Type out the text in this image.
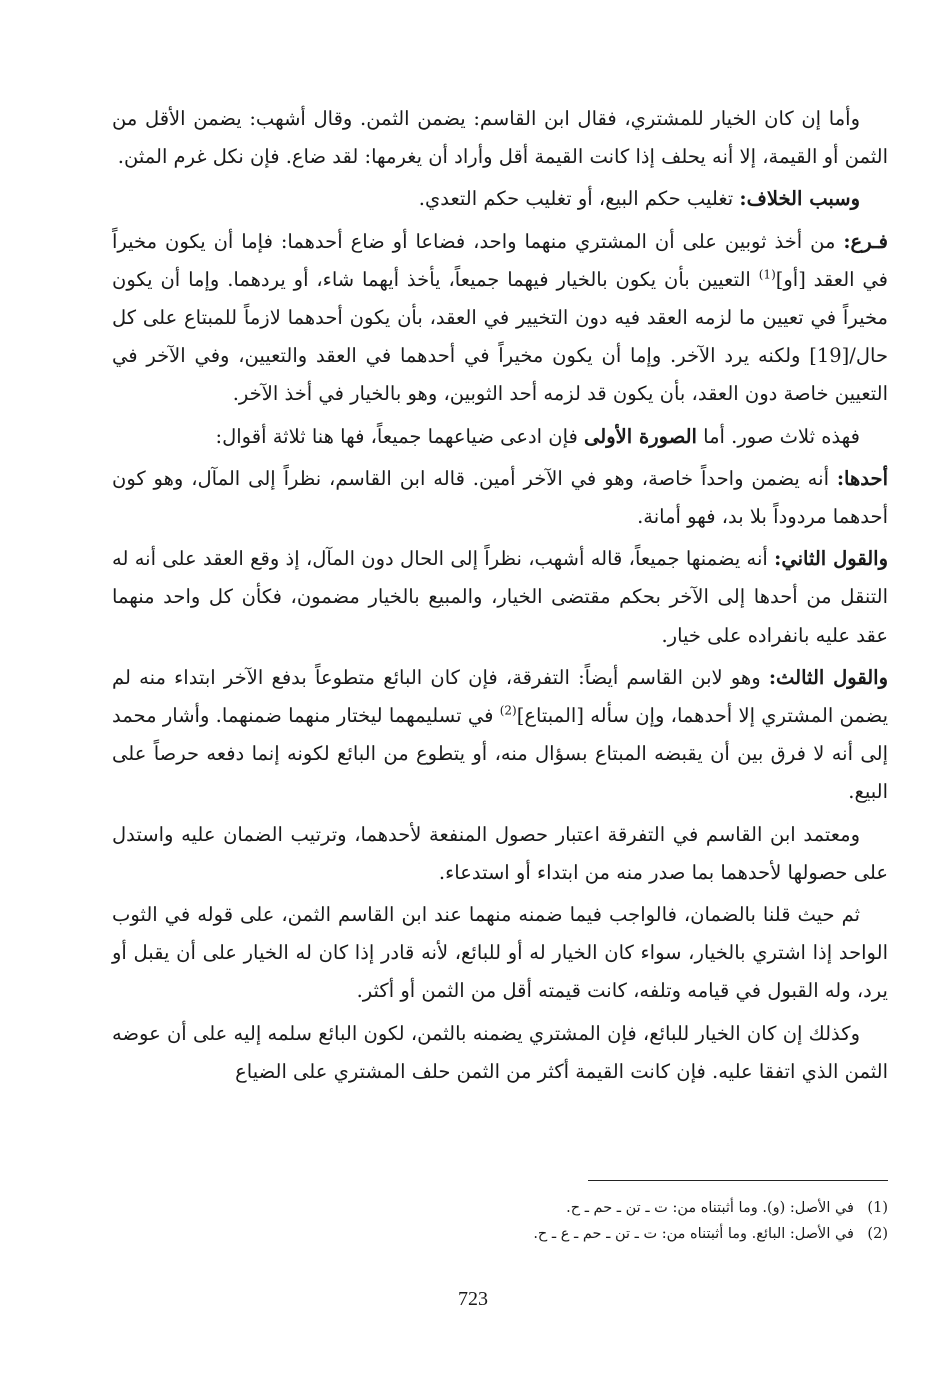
وأما إن كان الخيار للمشتري، فقال ابن القاسم: يضمن الثمن. وقال أشهب: يضمن الأقل من الثمن أو القيمة، إلا أنه يحلف إذا كانت القيمة أقل وأراد أن يغرمها: لقد ضاع. فإن نكل غرم المثن.

وسبب الخلاف: تغليب حكم البيع، أو تغليب حكم التعدي.

فـرع: من أخذ ثوبين على أن المشتري منهما واحد، فضاعا أو ضاع أحدهما: فإما أن يكون مخيراً في العقد [أو]$^{(1)}$ التعيين بأن يكون بالخيار فيهما جميعاً، يأخذ أيهما شاء، أو يردهما. وإما أن يكون مخيراً في تعيين ما لزمه العقد فيه دون التخيير في العقد، بأن يكون أحدهما لازماً للمبتاع على كل حال/[19] ولكنه يرد الآخر. وإما أن يكون مخيراً في أحدهما في العقد والتعيين، وفي الآخر في التعيين خاصة دون العقد، بأن يكون قد لزمه أحد الثوبين، وهو بالخيار في أخذ الآخر.

فهذه ثلاث صور. أما الصورة الأولى فإن ادعى ضياعهما جميعاً، فها هنا ثلاثة أقوال:

أحدها: أنه يضمن واحداً خاصة، وهو في الآخر أمين. قاله ابن القاسم، نظراً إلى المآل، وهو كون أحدهما مردوداً بلا بد، فهو أمانة.

والقول الثاني: أنه يضمنها جميعاً، قاله أشهب، نظراً إلى الحال دون المآل، إذ وقع العقد على أنه له التنقل من أحدها إلى الآخر بحكم مقتضى الخيار، والمبيع بالخيار مضمون، فكأن كل واحد منهما عقد عليه بانفراده على خيار.

والقول الثالث: وهو لابن القاسم أيضاً: التفرقة، فإن كان البائع متطوعاً بدفع الآخر ابتداء منه لم يضمن المشتري إلا أحدهما، وإن سأله [المبتاع]$^{(2)}$ في تسليمهما ليختار منهما ضمنهما. وأشار محمد إلى أنه لا فرق بين أن يقبضه المبتاع بسؤال منه، أو يتطوع من البائع لكونه إنما دفعه حرصاً على البيع.

ومعتمد ابن القاسم في التفرقة اعتبار حصول المنفعة لأحدهما، وترتيب الضمان عليه واستدل على حصولها لأحدهما بما صدر منه من ابتداء أو استدعاء.

ثم حيث قلنا بالضمان، فالواجب فيما ضمنه منهما عند ابن القاسم الثمن، على قوله في الثوب الواحد إذا اشتري بالخيار، سواء كان الخيار له أو للبائع، لأنه قادر إذا كان له الخيار على أن يقبل أو يرد، وله القبول في قيامه وتلفه، كانت قيمته أقل من الثمن أو أكثر.

وكذلك إن كان الخيار للبائع، فإن المشتري يضمنه بالثمن، لكون البائع سلمه إليه على أن عوضه الثمن الذي اتفقا عليه. فإن كانت القيمة أكثر من الثمن حلف المشتري على الضياع

(1)في الأصل: (و). وما أثبتناه من: ت ـ تن ـ حم ـ ح.

(2)في الأصل: البائع. وما أثبتناه من: ت ـ تن ـ حم ـ ع ـ ح.

723
